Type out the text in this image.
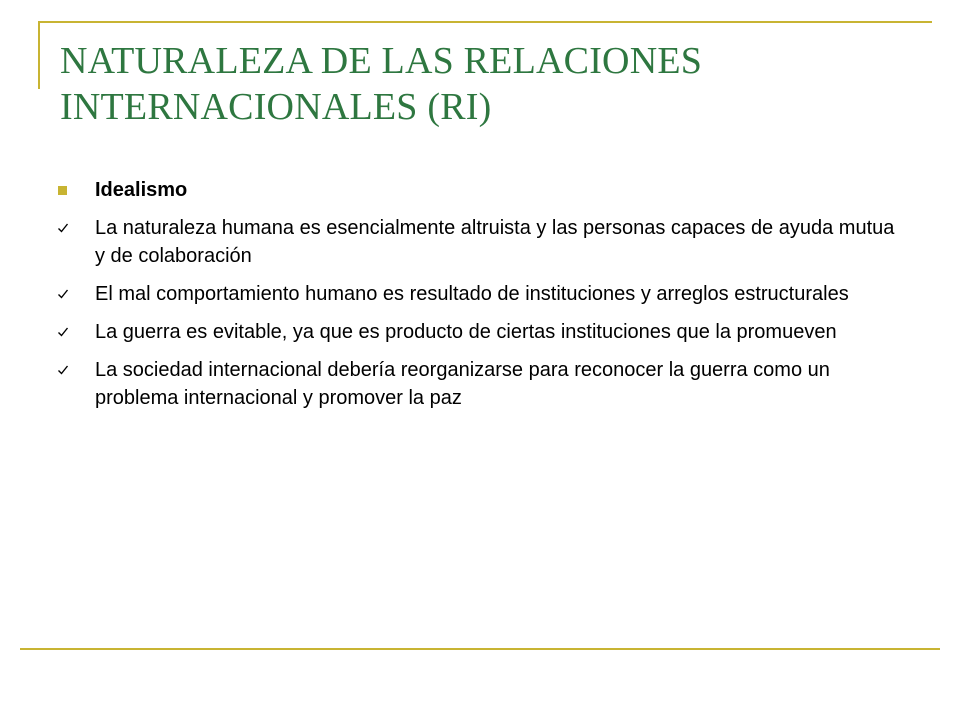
NATURALEZA DE LAS RELACIONES INTERNACIONALES (RI)
Idealismo
La naturaleza humana es esencialmente altruista y las personas capaces de ayuda mutua y de colaboración
El mal comportamiento humano es resultado de instituciones y arreglos estructurales
La guerra es evitable, ya que es producto de ciertas instituciones que la promueven
La sociedad internacional debería reorganizarse para reconocer la guerra como un problema internacional y promover la paz
